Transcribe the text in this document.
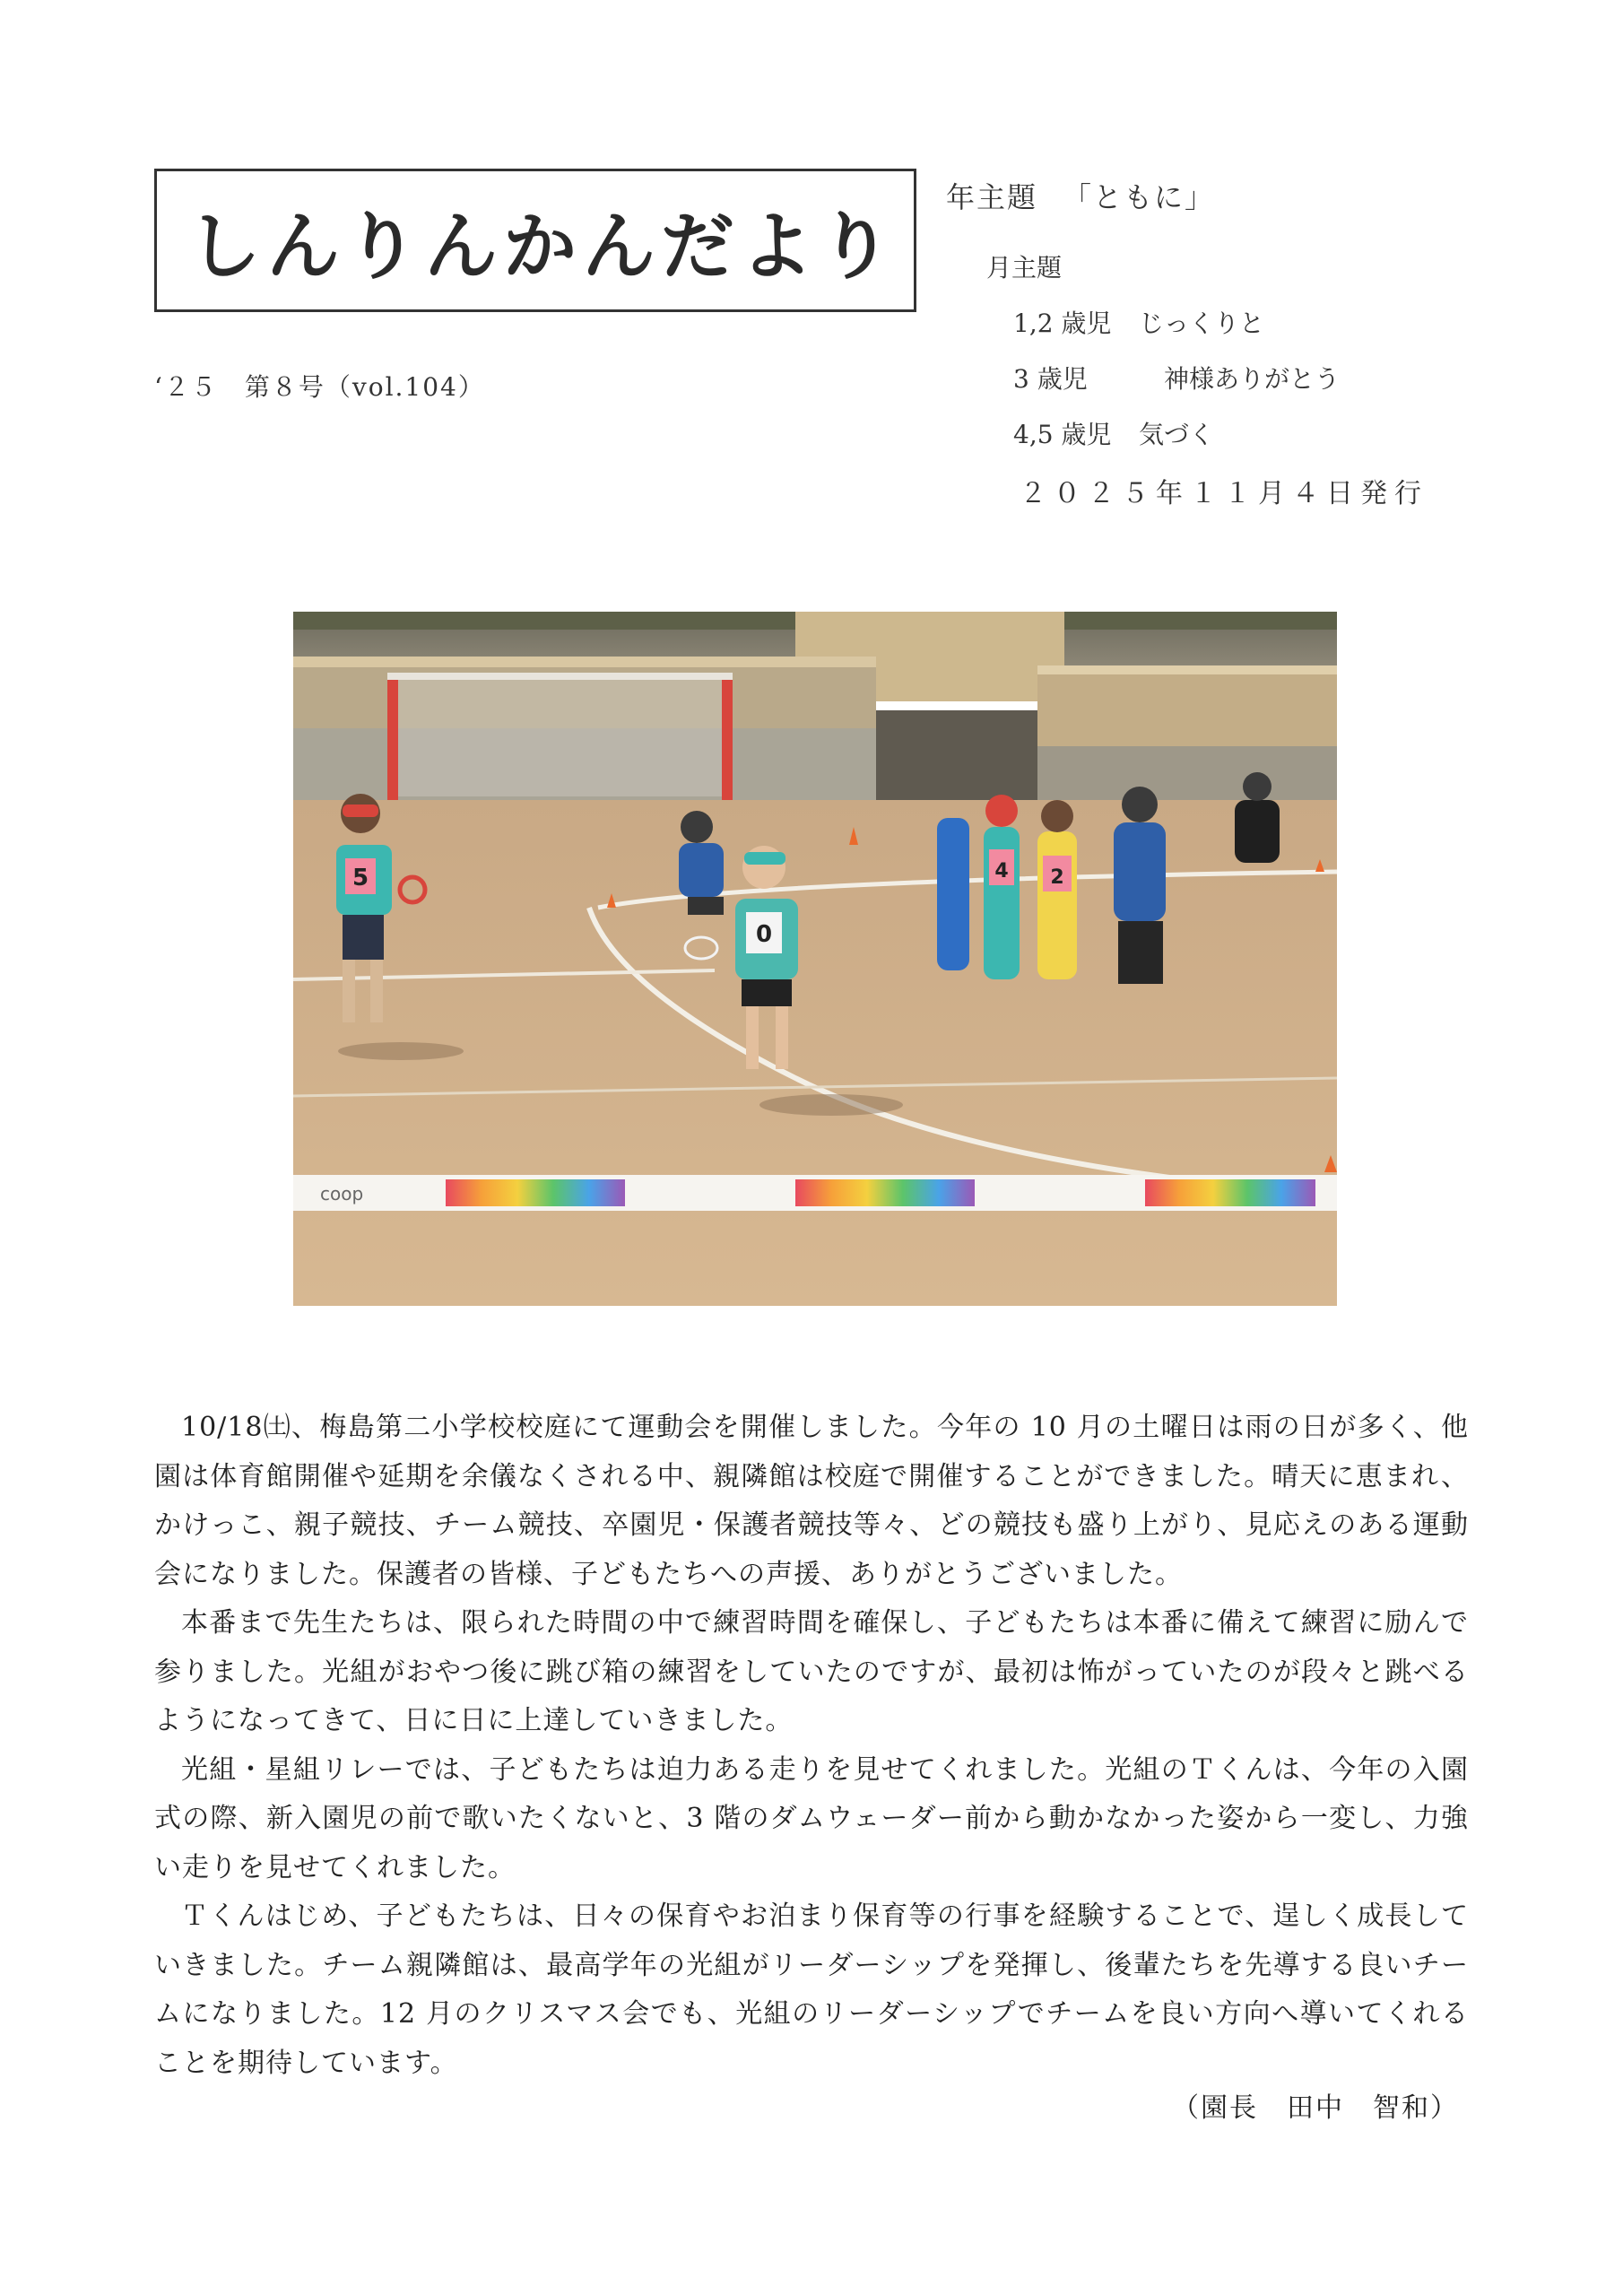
しんりんかんだより
‘２５　第８号（vol.104）
年主題 「ともに」
月主題
1,2 歳児	じっくりと
3 歳児	　神様ありがとう
4,5 歳児	気づく
２０２５年１１月４日発行
5
0
4 2
coop

10/18㈯、梅島第二小学校校庭にて運動会を開催しました。今年の 10 月の土曜日は雨の日が多く、他園は体育館開催や延期を余儀なくされる中、親隣館は校庭で開催することができました。晴天に恵まれ、かけっこ、親子競技、チーム競技、卒園児・保護者競技等々、どの競技も盛り上がり、見応えのある運動会になりました。保護者の皆様、子どもたちへの声援、ありがとうございました。

本番まで先生たちは、限られた時間の中で練習時間を確保し、子どもたちは本番に備えて練習に励んで参りました。光組がおやつ後に跳び箱の練習をしていたのですが、最初は怖がっていたのが段々と跳べるようになってきて、日に日に上達していきました。

光組・星組リレーでは、子どもたちは迫力ある走りを見せてくれました。光組のＴくんは、今年の入園式の際、新入園児の前で歌いたくないと、3 階のダムウェーダー前から動かなかった姿から一変し、力強い走りを見せてくれました。

Ｔくんはじめ、子どもたちは、日々の保育やお泊まり保育等の行事を経験することで、逞しく成長していきました。チーム親隣館は、最高学年の光組がリーダーシップを発揮し、後輩たちを先導する良いチームになりました。12 月のクリスマス会でも、光組のリーダーシップでチームを良い方向へ導いてくれることを期待しています。

（園長　田中　智和）
